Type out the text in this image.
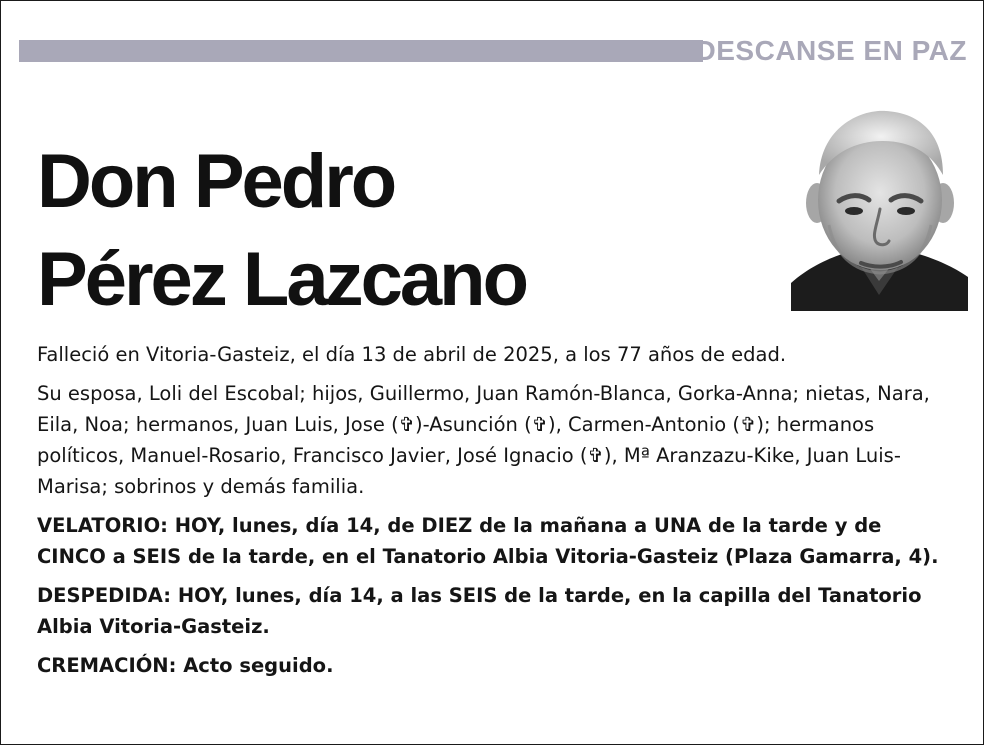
DESCANSE EN PAZ
Don Pedro
Pérez Lazcano

Falleció en Vitoria-Gasteiz, el día 13 de abril de 2025, a los 77 años de edad.

Su esposa, Loli del Escobal; hijos, Guillermo, Juan Ramón-Blanca, Gorka-Anna; nietas, Nara, Eila, Noa; hermanos, Juan Luis, Jose (✞)-Asunción (✞), Carmen-Antonio (✞); hermanos políticos, Manuel-Rosario, Francisco Javier, José Ignacio (✞), Mª Aranzazu-Kike, Juan Luis-Marisa; sobrinos y demás familia.

VELATORIO: HOY, lunes, día 14, de DIEZ de la mañana a UNA de la tarde y de CINCO a SEIS de la tarde, en el Tanatorio Albia Vitoria-Gasteiz (Plaza Gamarra, 4).

DESPEDIDA: HOY, lunes, día 14, a las SEIS de la tarde, en la capilla del Tanatorio Albia Vitoria-Gasteiz.

CREMACIÓN: Acto seguido.
